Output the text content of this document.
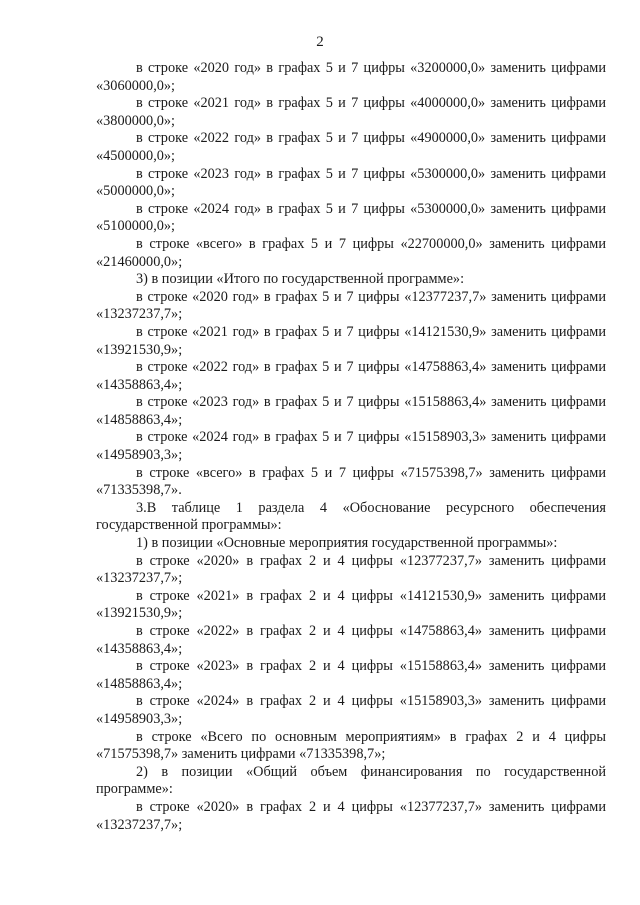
2

в строке «2020 год» в графах 5 и 7 цифры «3200000,0» заменить цифрами «3060000,0»;

в строке «2021 год» в графах 5 и 7 цифры «4000000,0» заменить цифрами «3800000,0»;

в строке «2022 год» в графах 5 и 7 цифры «4900000,0» заменить цифрами «4500000,0»;

в строке «2023 год» в графах 5 и 7 цифры «5300000,0» заменить цифрами «5000000,0»;

в строке «2024 год» в графах 5 и 7 цифры «5300000,0» заменить цифрами «5100000,0»;

в строке «всего» в графах 5 и 7 цифры «22700000,0» заменить цифрами «21460000,0»;

3) в позиции «Итого по государственной программе»:

в строке «2020 год» в графах 5 и 7 цифры «12377237,7» заменить цифрами «13237237,7»;

в строке «2021 год» в графах 5 и 7 цифры «14121530,9» заменить цифрами «13921530,9»;

в строке «2022 год» в графах 5 и 7 цифры «14758863,4» заменить цифрами «14358863,4»;

в строке «2023 год» в графах 5 и 7 цифры «15158863,4» заменить цифрами «14858863,4»;

в строке «2024 год» в графах 5 и 7 цифры «15158903,3» заменить цифрами «14958903,3»;

в строке «всего» в графах 5 и 7 цифры «71575398,7» заменить цифрами «71335398,7».

3.В таблице 1 раздела 4 «Обоснование ресурсного обеспечения государственной программы»:

1) в позиции «Основные мероприятия государственной программы»:

в строке «2020» в графах 2 и 4 цифры «12377237,7» заменить цифрами «13237237,7»;

в строке «2021» в графах 2 и 4 цифры «14121530,9» заменить цифрами «13921530,9»;

в строке «2022» в графах 2 и 4 цифры «14758863,4» заменить цифрами «14358863,4»;

в строке «2023» в графах 2 и 4 цифры «15158863,4» заменить цифрами «14858863,4»;

в строке «2024» в графах 2 и 4 цифры «15158903,3» заменить цифрами «14958903,3»;

в строке «Всего по основным мероприятиям» в графах 2 и 4 цифры «71575398,7» заменить цифрами «71335398,7»;

2) в позиции «Общий объем финансирования по государственной программе»:

в строке «2020» в графах 2 и 4 цифры «12377237,7» заменить цифрами «13237237,7»;
